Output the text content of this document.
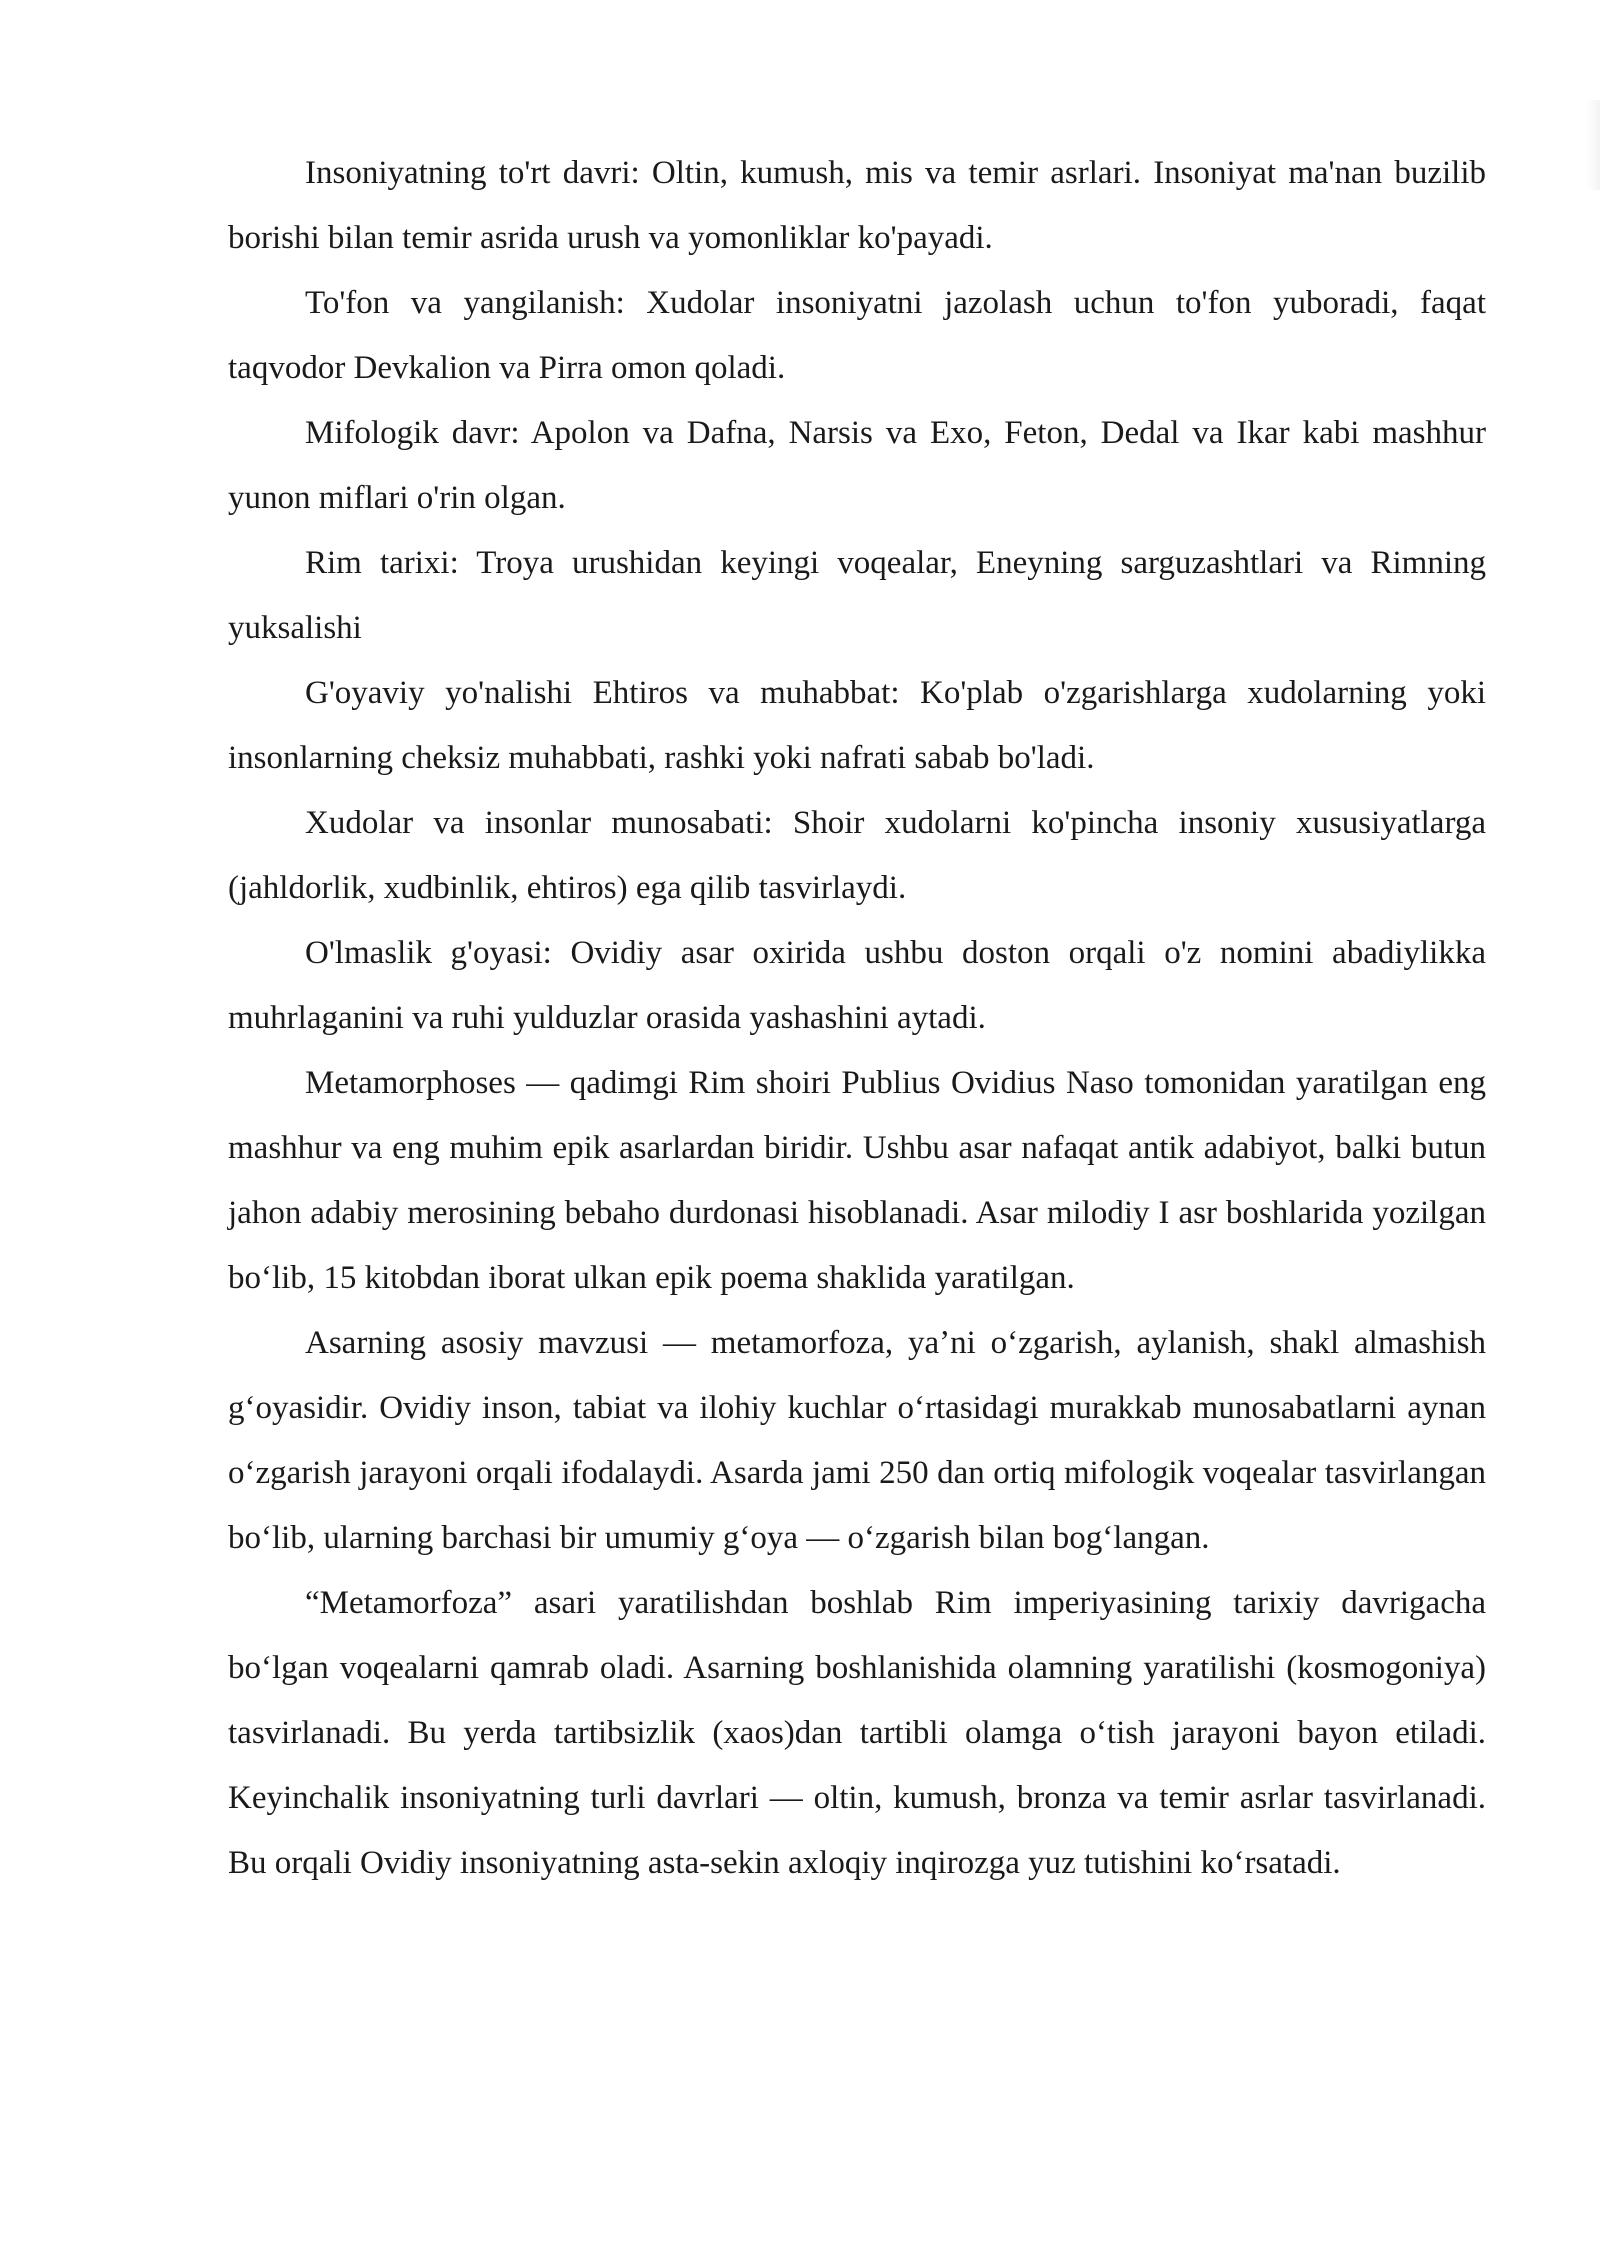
Insoniyatning to'rt davri: Oltin, kumush, mis va temir asrlari. Insoniyat ma'nan buzilib borishi bilan temir asrida urush va yomonliklar ko'payadi.

To'fon va yangilanish: Xudolar insoniyatni jazolash uchun to'fon yuboradi, faqat taqvodor Devkalion va Pirra omon qoladi.

Mifologik davr: Apolon va Dafna, Narsis va Exo, Feton, Dedal va Ikar kabi mashhur yunon miflari o'rin olgan.

Rim tarixi: Troya urushidan keyingi voqealar, Eneyning sarguzashtlari va Rimning yuksalishi

G'oyaviy yo'nalishi Ehtiros va muhabbat: Ko'plab o'zgarishlarga xudolarning yoki insonlarning cheksiz muhabbati, rashki yoki nafrati sabab bo'ladi.

Xudolar va insonlar munosabati: Shoir xudolarni ko'pincha insoniy xususiyatlarga (jahldorlik, xudbinlik, ehtiros) ega qilib tasvirlaydi.

O'lmaslik g'oyasi: Ovidiy asar oxirida ushbu doston orqali o'z nomini abadiylikka muhrlaganini va ruhi yulduzlar orasida yashashini aytadi.

Metamorphoses — qadimgi Rim shoiri Publius Ovidius Naso tomonidan yaratilgan eng mashhur va eng muhim epik asarlardan biridir. Ushbu asar nafaqat antik adabiyot, balki butun jahon adabiy merosining bebaho durdonasi hisoblanadi. Asar milodiy I asr boshlarida yozilgan boʻlib, 15 kitobdan iborat ulkan epik poema shaklida yaratilgan.

Asarning asosiy mavzusi — metamorfoza, yaʼni oʻzgarish, aylanish, shakl almashish gʻoyasidir. Ovidiy inson, tabiat va ilohiy kuchlar oʻrtasidagi murakkab munosabatlarni aynan oʻzgarish jarayoni orqali ifodalaydi. Asarda jami 250 dan ortiq mifologik voqealar tasvirlangan boʻlib, ularning barchasi bir umumiy gʻoya — oʻzgarish bilan bogʻlangan.

“Metamorfoza” asari yaratilishdan boshlab Rim imperiyasining tarixiy davrigacha boʻlgan voqealarni qamrab oladi. Asarning boshlanishida olamning yaratilishi (kosmogoniya) tasvirlanadi. Bu yerda tartibsizlik (xaos)dan tartibli olamga oʻtish jarayoni bayon etiladi. Keyinchalik insoniyatning turli davrlari — oltin, kumush, bronza va temir asrlar tasvirlanadi. Bu orqali Ovidiy insoniyatning asta-sekin axloqiy inqirozga yuz tutishini koʻrsatadi.
